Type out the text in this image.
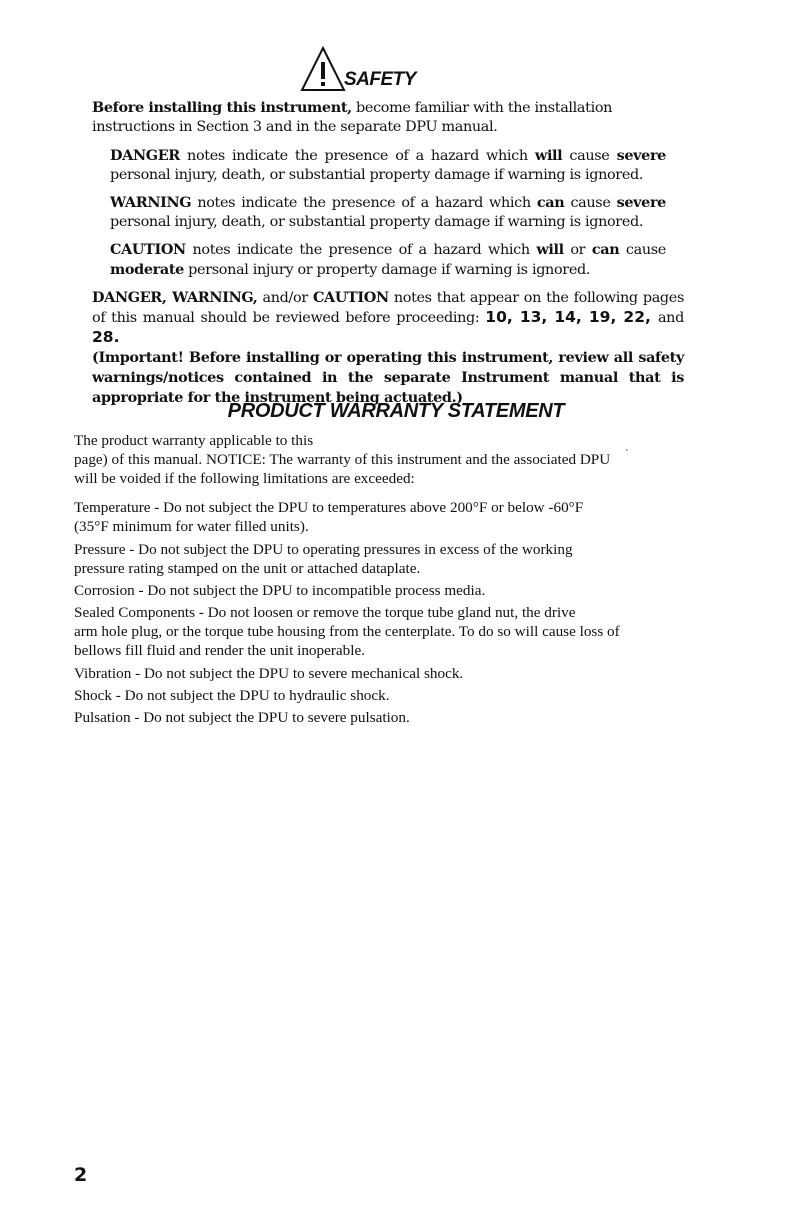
SAFETY
Before installing this instrument, become familiar with the installation instructions in Section 3 and in the separate DPU manual.
DANGER notes indicate the presence of a hazard which will cause severe personal injury, death, or substantial property damage if warning is ignored.
WARNING notes indicate the presence of a hazard which can cause severe personal injury, death, or substantial property damage if warning is ignored.
CAUTION notes indicate the presence of a hazard which will or can cause moderate personal injury or property damage if warning is ignored.
DANGER, WARNING, and/or CAUTION notes that appear on the following pages of this manual should be reviewed before proceeding: 10, 13, 14, 19, 22, and 28.
(Important! Before installing or operating this instrument, review all safety warnings/notices contained in the separate Instrument manual that is appropriate for the instrument being actuated.)
PRODUCT WARRANTY STATEMENT
The product warranty applicable to this
`
page) of this manual. NOTICE: The warranty of this instrument and the associated DPU
will be voided if the following limitations are exceeded:
Temperature - Do not subject the DPU to temperatures above 200°F or below -60°F
(35°F minimum for water filled units).
Pressure - Do not subject the DPU to operating pressures in excess of the working
pressure rating stamped on the unit or attached dataplate.
Corrosion - Do not subject the DPU to incompatible process media.
Sealed Components - Do not loosen or remove the torque tube gland nut, the drive
arm hole plug, or the torque tube housing from the centerplate. To do so will cause loss of
bellows fill fluid and render the unit inoperable.
Vibration - Do not subject the DPU to severe mechanical shock.
Shock - Do not subject the DPU to hydraulic shock.
Pulsation - Do not subject the DPU to severe pulsation.
2
